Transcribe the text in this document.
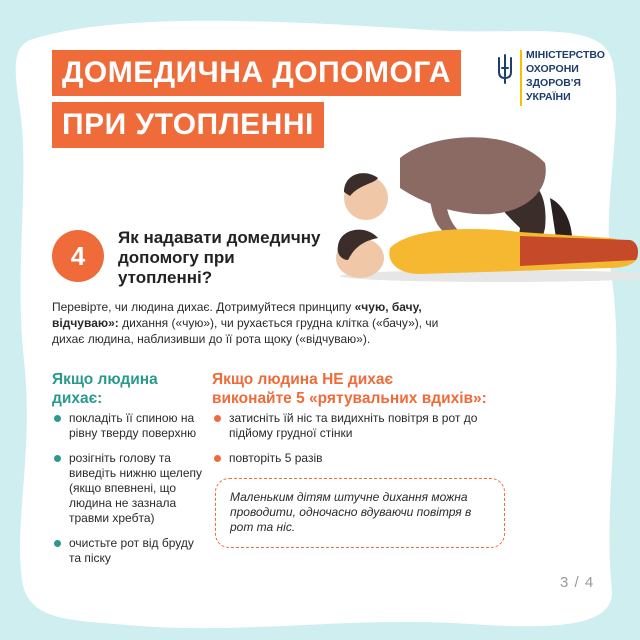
ДОМЕДИЧНА ДОПОМОГА
ПРИ УТОПЛЕННІ
МІНІСТЕРСТВО
ОХОРОНИ
ЗДОРОВ'Я
УКРАЇНИ
4
Як надавати домедичну допомогу при утопленні?
Перевірте, чи людина дихає. Дотримуйтеся принципу «чую, бачу, відчуваю»: дихання («чую»), чи рухається грудна клітка («бачу»), чи дихає людина, наблизивши до її рота щоку («відчуваю»).
Якщо людина дихає:
Якщо людина НЕ дихає
виконайте 5 «рятувальних вдихів»:
покладіть її спиною на рівну тверду поверхню
розігніть голову та виведіть нижню щелепу (якщо впевнені, що людина не зазнала травми хребта)
очистьте рот від бруду та піску
затисніть їй ніс та видихніть повітря в рот до підйому грудної стінки
повторіть 5 разів
Маленьким дітям штучне дихання можна проводити, одночасно вдуваючи повітря в рот та ніс.
3 / 4
